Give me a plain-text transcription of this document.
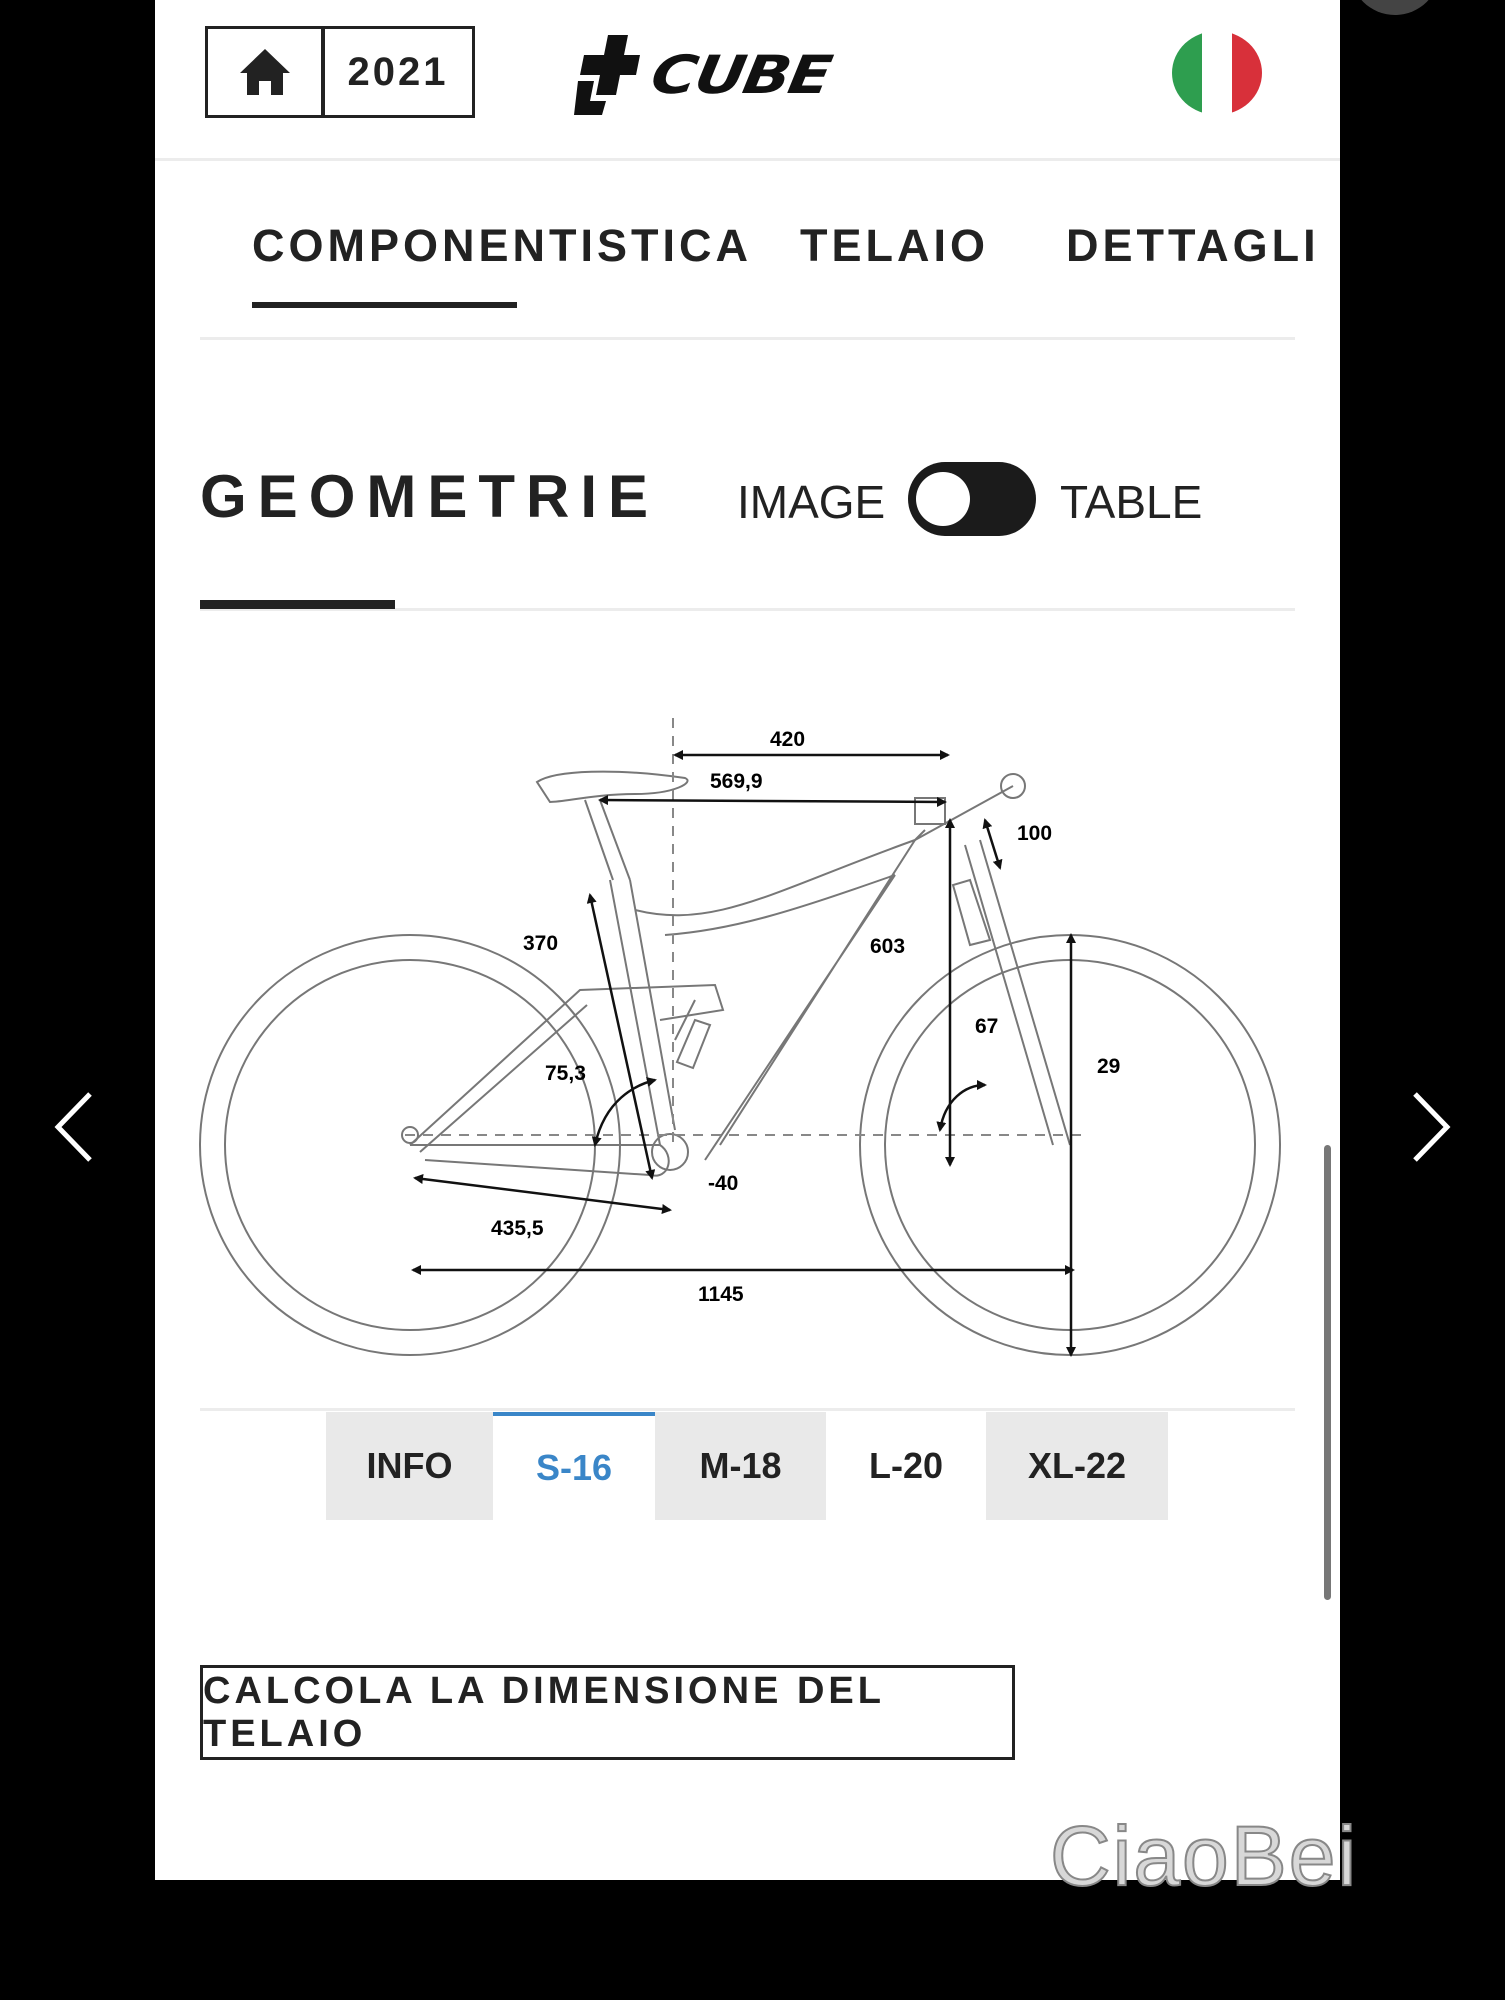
2021	CUBE
COMPONENTISTICA TELAIO DETTAGLI
GEOMETRIE IMAGE	TABLE
420
569,9
100
603
370
75,3
67
29
-40
435,5
1145
INFO	S-16	M-18	L-20	XL-22
CALCOLA LA DIMENSIONE DEL TELAIO
CiaoBei
